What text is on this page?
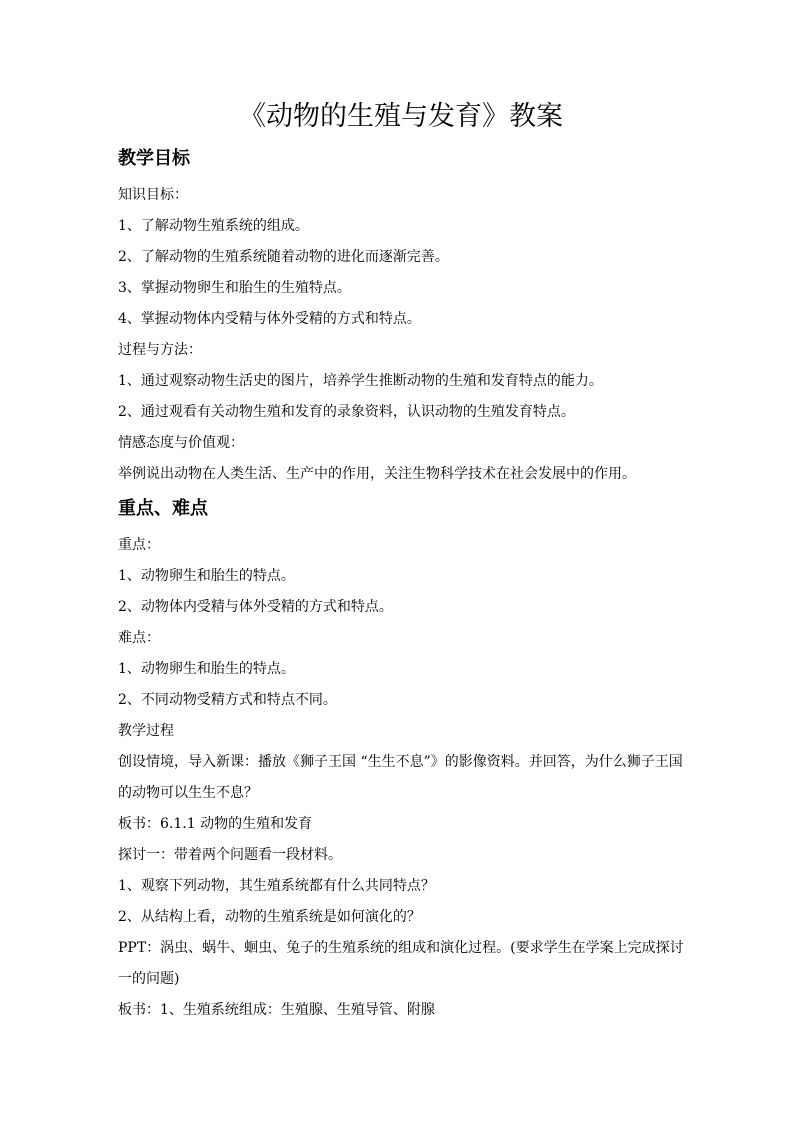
《动物的生殖与发育》教案
教学目标

知识目标：

1、了解动物生殖系统的组成。

2、了解动物的生殖系统随着动物的进化而逐渐完善。

3、掌握动物卵生和胎生的生殖特点。

4、掌握动物体内受精与体外受精的方式和特点。

过程与方法：

1、通过观察动物生活史的图片，培养学生推断动物的生殖和发育特点的能力。

2、通过观看有关动物生殖和发育的录象资料，认识动物的生殖发育特点。

情感态度与价值观：

举例说出动物在人类生活、生产中的作用，关注生物科学技术在社会发展中的作用。

重点、难点

重点：

1、动物卵生和胎生的特点。

2、动物体内受精与体外受精的方式和特点。

难点：

1、动物卵生和胎生的特点。

2、不同动物受精方式和特点不同。

教学过程

创设情境，导入新课：播放《狮子王国 “生生不息”》的影像资料。并回答，为什么狮子王国的动物可以生生不息？

板书：6.1.1 动物的生殖和发育

探讨一：带着两个问题看一段材料。

1、观察下列动物，其生殖系统都有什么共同特点？

2、从结构上看，动物的生殖系统是如何演化的？

PPT：涡虫、蜗牛、蛔虫、兔子的生殖系统的组成和演化过程。(要求学生在学案上完成探讨一的问题)

板书：1、生殖系统组成：生殖腺、生殖导管、附腺
